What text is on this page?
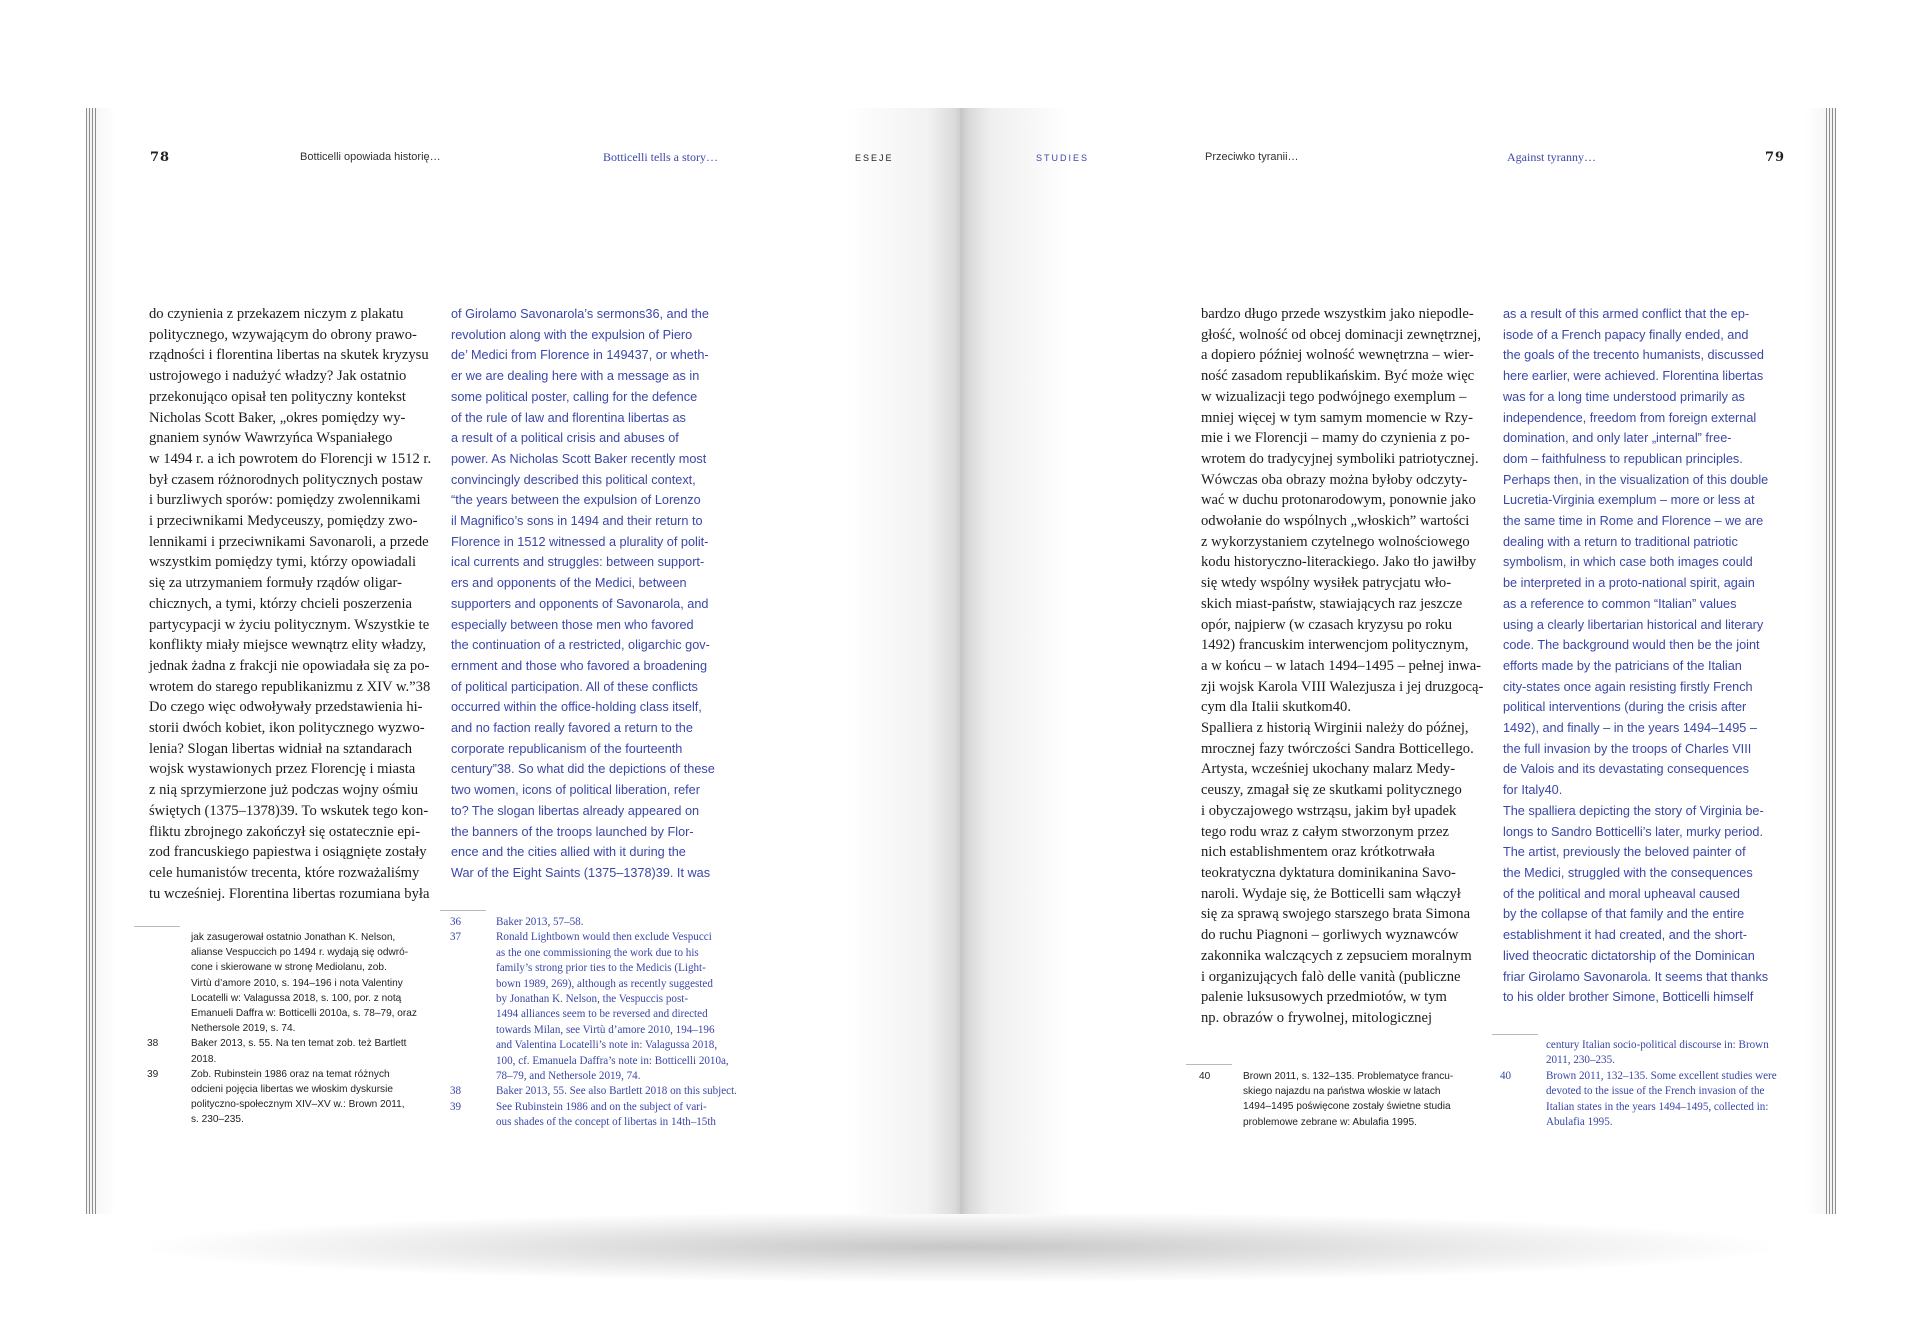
78	Botticelli opowiada historię…	Botticelli tells a story…	ESEJE	STUDIES	Przeciwko tyranii…	Against tyranny…	79
do czynienia z przekazem niczym z plakatu
politycznego, wzywającym do obrony prawo-
rządności i florentina libertas na skutek kryzysu
ustrojowego i nadużyć władzy? Jak ostatnio
przekonująco opisał ten polityczny kontekst
Nicholas Scott Baker, „okres pomiędzy wy-
gnaniem synów Wawrzyńca Wspaniałego
w 1494 r. a ich powrotem do Florencji w 1512 r.
był czasem różnorodnych politycznych postaw
i burzliwych sporów: pomiędzy zwolennikami
i przeciwnikami Medyceuszy, pomiędzy zwo-
lennikami i przeciwnikami Savonaroli, a przede
wszystkim pomiędzy tymi, którzy opowiadali
się za utrzymaniem formuły rządów oligar-
chicznych, a tymi, którzy chcieli poszerzenia
partycypacji w życiu politycznym. Wszystkie te
konflikty miały miejsce wewnątrz elity władzy,
jednak żadna z frakcji nie opowiadała się za po-
wrotem do starego republikanizmu z XIV w.”38
Do czego więc odwoływały przedstawienia hi-
storii dwóch kobiet, ikon politycznego wyzwo-
lenia? Slogan libertas widniał na sztandarach
wojsk wystawionych przez Florencję i miasta
z nią sprzymierzone już podczas wojny ośmiu
świętych (1375–1378)39. To wskutek tego kon-
fliktu zbrojnego zakończył się ostatecznie epi-
zod francuskiego papiestwa i osiągnięte zostały
cele humanistów trecenta, które rozważaliśmy
tu wcześniej. Florentina libertas rozumiana była
of Girolamo Savonarola’s sermons36, and the
revolution along with the expulsion of Piero
de’ Medici from Florence in 149437, or wheth-
er we are dealing here with a message as in
some political poster, calling for the defence
of the rule of law and florentina libertas as
a result of a political crisis and abuses of
power. As Nicholas Scott Baker recently most
convincingly described this political context,
“the years between the expulsion of Lorenzo
il Magnifico’s sons in 1494 and their return to
Florence in 1512 witnessed a plurality of polit-
ical currents and struggles: between support-
ers and opponents of the Medici, between
supporters and opponents of Savonarola, and
especially between those men who favored
the continuation of a restricted, oligarchic gov-
ernment and those who favored a broadening
of political participation. All of these conflicts
occurred within the office-holding class itself,
and no faction really favored a return to the
corporate republicanism of the fourteenth
century”38. So what did the depictions of these
two women, icons of political liberation, refer
to? The slogan libertas already appeared on
the banners of the troops launched by Flor-
ence and the cities allied with it during the
War of the Eight Saints (1375–1378)39. It was
bardzo długo przede wszystkim jako niepodle-
głość, wolność od obcej dominacji zewnętrznej,
a dopiero później wolność wewnętrzna – wier-
ność zasadom republikańskim. Być może więc
w wizualizacji tego podwójnego exemplum –
mniej więcej w tym samym momencie w Rzy-
mie i we Florencji – mamy do czynienia z po-
wrotem do tradycyjnej symboliki patriotycznej.
Wówczas oba obrazy można byłoby odczyty-
wać w duchu protonarodowym, ponownie jako
odwołanie do wspólnych „włoskich” wartości
z wykorzystaniem czytelnego wolnościowego
kodu historyczno-literackiego. Jako tło jawiłby
się wtedy wspólny wysiłek patrycjatu wło-
skich miast-państw, stawiających raz jeszcze
opór, najpierw (w czasach kryzysu po roku
1492) francuskim interwencjom politycznym,
a w końcu – w latach 1494–1495 – pełnej inwa-
zji wojsk Karola VIII Walezjusza i jej druzgocą-
cym dla Italii skutkom40.
Spalliera z historią Wirginii należy do późnej,
mrocznej fazy twórczości Sandra Botticellego.
Artysta, wcześniej ukochany malarz Medy-
ceuszy, zmagał się ze skutkami politycznego
i obyczajowego wstrząsu, jakim był upadek
tego rodu wraz z całym stworzonym przez
nich establishmentem oraz krótkotrwała
teokratyczna dyktatura dominikanina Savo-
naroli. Wydaje się, że Botticelli sam włączył
się za sprawą swojego starszego brata Simona
do ruchu Piagnoni – gorliwych wyznawców
zakonnika walczących z zepsuciem moralnym
i organizujących falò delle vanità (publiczne
palenie luksusowych przedmiotów, w tym
np. obrazów o frywolnej, mitologicznej
as a result of this armed conflict that the ep-
isode of a French papacy finally ended, and
the goals of the trecento humanists, discussed
here earlier, were achieved. Florentina libertas
was for a long time understood primarily as
independence, freedom from foreign external
domination, and only later „internal” free-
dom – faithfulness to republican principles.
Perhaps then, in the visualization of this double
Lucretia-Virginia exemplum – more or less at
the same time in Rome and Florence – we are
dealing with a return to traditional patriotic
symbolism, in which case both images could
be interpreted in a proto-national spirit, again
as a reference to common “Italian” values
using a clearly libertarian historical and literary
code. The background would then be the joint
efforts made by the patricians of the Italian
city-states once again resisting firstly French
political interventions (during the crisis after
1492), and finally – in the years 1494–1495 –
the full invasion by the troops of Charles VIII
de Valois and its devastating consequences
for Italy40.
The spalliera depicting the story of Virginia be-
longs to Sandro Botticelli’s later, murky period.
The artist, previously the beloved painter of
the Medici, struggled with the consequences
of the political and moral upheaval caused
by the collapse of that family and the entire
establishment it had created, and the short-
lived theocratic dictatorship of the Dominican
friar Girolamo Savonarola. It seems that thanks
to his older brother Simone, Botticelli himself
jak zasugerował ostatnio Jonathan K. Nelson,
alianse Vespuccich po 1494 r. wydają się odwró-
cone i skierowane w stronę Mediolanu, zob.
Virtù d’amore 2010, s. 194–196 i nota Valentiny
Locatelli w: Valagussa 2018, s. 100, por. z notą
Emanueli Daffra w: Botticelli 2010a, s. 78–79, oraz
Nethersole 2019, s. 74.
38	Baker 2013, s. 55. Na ten temat zob. też Bartlett
2018.
39	Zob. Rubinstein 1986 oraz na temat różnych
odcieni pojęcia libertas we włoskim dyskursie
polityczno-społecznym XIV–XV w.: Brown 2011,
s. 230–235.
36	Baker 2013, 57–58.
37	Ronald Lightbown would then exclude Vespucci
as the one commissioning the work due to his
family’s strong prior ties to the Medicis (Light-
bown 1989, 269), although as recently suggested
by Jonathan K. Nelson, the Vespuccis post-
1494 alliances seem to be reversed and directed
towards Milan, see Virtù d’amore 2010, 194–196
and Valentina Locatelli’s note in: Valagussa 2018,
100, cf. Emanuela Daffra’s note in: Botticelli 2010a,
78–79, and Nethersole 2019, 74.
38	Baker 2013, 55. See also Bartlett 2018 on this subject.
39	See Rubinstein 1986 and on the subject of vari-
ous shades of the concept of libertas in 14th–15th
40	Brown 2011, s. 132–135. Problematyce francu-
skiego najazdu na państwa włoskie w latach
1494–1495 poświęcone zostały świetne studia
problemowe zebrane w: Abulafia 1995.
century Italian socio-political discourse in: Brown
2011, 230–235.
40	Brown 2011, 132–135. Some excellent studies were
devoted to the issue of the French invasion of the
Italian states in the years 1494–1495, collected in:
Abulafia 1995.
